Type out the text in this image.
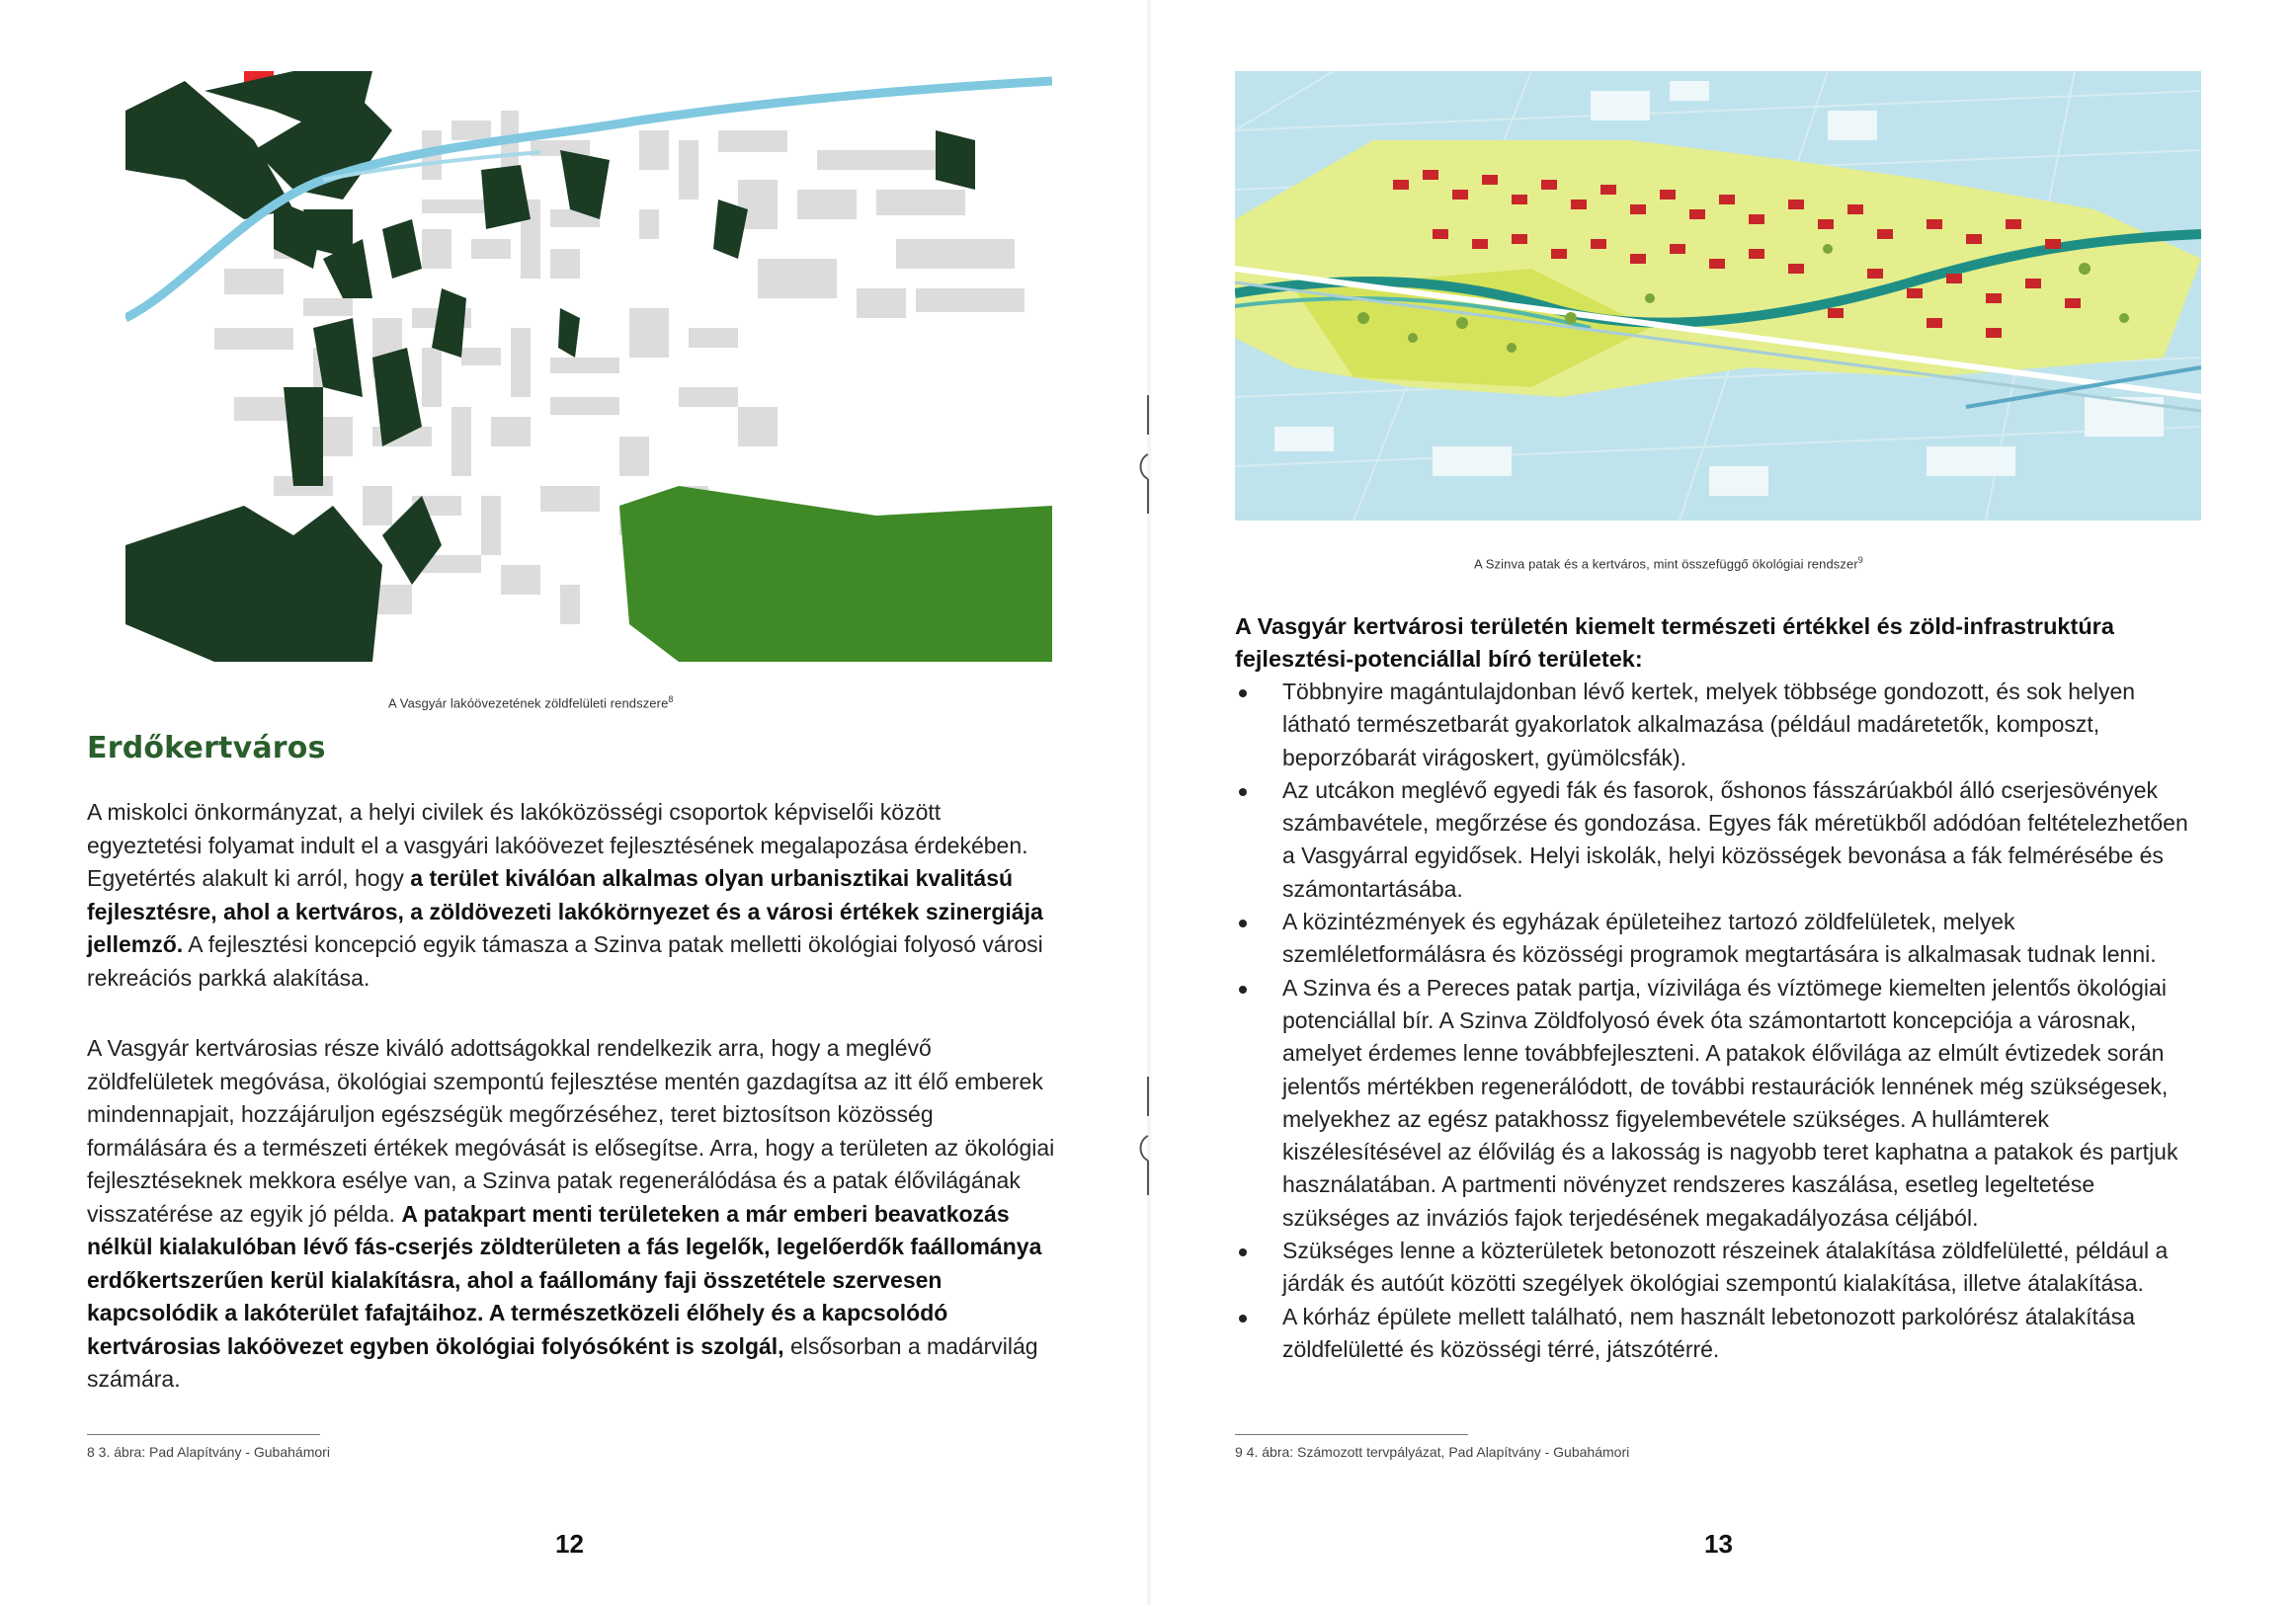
A Vasgyár lakóövezetének zöldfelületi rendszere$^8$
Erdőkertváros

A miskolci önkormányzat, a helyi civilek és lakóközösségi csoportok képviselői között egyeztetési folyamat indult el a vasgyári lakóövezet fejlesztésének megalapozása érdekében. Egyetértés alakult ki arról, hogy a terület kiválóan alkalmas olyan urbanisztikai kvalitású fejlesztésre, ahol a kertváros, a zöldövezeti lakókörnyezet és a városi értékek szinergiája jellemző. A fejlesztési koncepció egyik támasza a Szinva patak melletti ökológiai folyosó városi rekreációs parkká alakítása.

A Vasgyár kertvárosias része kiváló adottságokkal rendelkezik arra, hogy a meglévő zöldfelületek megóvása, ökológiai szempontú fejlesztése mentén gazdagítsa az itt élő emberek mindennapjait, hozzájáruljon egészségük megőrzéséhez, teret biztosítson közösség formálására és a természeti értékek megóvását is elősegítse. Arra, hogy a területen az ökológiai fejlesztéseknek mekkora esélye van, a Szinva patak regenerálódása és a patak élővilágának visszatérése az egyik jó példa. A patakpart menti területeken a már emberi beavatkozás nélkül kialakulóban lévő fás-cserjés zöldterületen a fás legelők, legelőerdők faállománya erdőkertszerűen kerül kialakításra, ahol a faállomány faji összetétele szervesen kapcsolódik a lakóterület fafajtáihoz. A természetközeli élőhely és a kapcsolódó kertvárosias lakóövezet egyben ökológiai folyósóként is szolgál, elsősorban a madárvilág számára.

8 3. ábra: Pad Alapítvány - Gubahámori
12
A Szinva patak és a kertváros, mint összefüggő ökológiai rendszer$^9$
A Vasgyár kertvárosi területén kiemelt természeti értékkel és zöld-infrastruktúra fejlesztési-potenciállal bíró területek:
Többnyire magántulajdonban lévő kertek, melyek többsége gondozott, és sok helyen látható természetbarát gyakorlatok alkalmazása (például madáretetők, komposzt, beporzóbarát virágoskert, gyümölcsfák).
Az utcákon meglévő egyedi fák és fasorok, őshonos fásszárúakból álló cserjesövények számbavétele, megőrzése és gondozása. Egyes fák méretükből adódóan feltételezhetően a Vasgyárral egyidősek. Helyi iskolák, helyi közösségek bevonása a fák felmérésébe és számontartásába.
A közintézmények és egyházak épületeihez tartozó zöldfelületek, melyek szemléletformálásra és közösségi programok megtartására is alkalmasak tudnak lenni.
A Szinva és a Pereces patak partja, vízivilága és víztömege kiemelten jelentős ökológiai potenciállal bír. A Szinva Zöldfolyosó évek óta számontartott koncepciója a városnak, amelyet érdemes lenne továbbfejleszteni. A patakok élővilága az elmúlt évtizedek során jelentős mértékben regenerálódott, de további restaurációk lennének még szükségesek, melyekhez az egész patakhossz figyelembevétele szükséges. A hullámterek kiszélesítésével az élővilág és a lakosság is nagyobb teret kaphatna a patakok és partjuk használatában. A partmenti növényzet rendszeres kaszálása, esetleg legeltetése szükséges az inváziós fajok terjedésének megakadályozása céljából.
Szükséges lenne a közterületek betonozott részeinek átalakítása zöldfelületté, például a járdák és autóút közötti szegélyek ökológiai szempontú kialakítása, illetve átalakítása.
A kórház épülete mellett található, nem használt lebetonozott parkolórész átalakítása zöldfelületté és közösségi térré, játszótérré.
9 4. ábra: Számozott tervpályázat, Pad Alapítvány - Gubahámori
13
